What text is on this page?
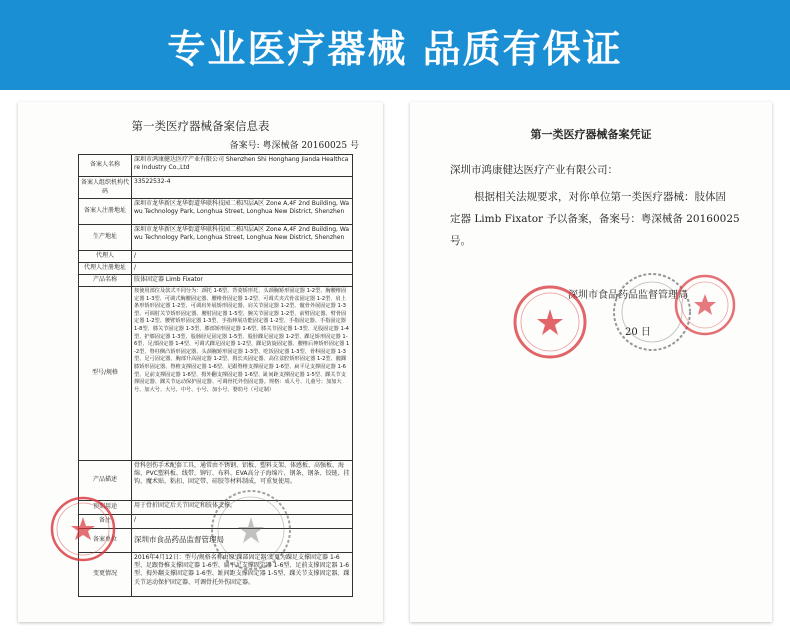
专业医疗器械 品质有保证
第一类医疗器械备案信息表
备案号: 粤深械备 20160025 号
备案人名称	深圳市鸿康健达医疗产业有限公司 Shenzhen Shi Honghang Jianda Healthcare Industry Co.,Ltd
备案人组织机构代码	33522532-4
备案人注册地址	深圳市龙华新区龙华街道华联科技园二栋四层A区 Zone A,4F 2nd Building, Wawu Technology Park, Longhua Street, Longhua New District, Shenzhen
生产地址	深圳市龙华新区龙华街道华联科技园二栋四层A区 Zone A,4F 2nd Building, Wawu Technology Park, Longhua Street, Longhua New District, Shenzhen
代理人	/
代理人注册地址	/
产品名称	肢体固定器 Limb Fixator
型号/规格	按使用部位及款式不同分为：颈托 1-6型、背姿矫形托、头颈胸矫形固定器 1-2型、胸腰椎固定器 1-3型、可调式胸腰固定器、腰椎骨固定器 1-2型、可调式夹式骨盆固定器 1-2型、肩上条形矫形固定器 1-2型、可调肩外展矫形固定器、肩关节固定器 1-2型、髋骨外展固定器 1-3型、可调肘关节矫形固定器、腰肘固定器 1-5型、腕关节固定器 1-2型、前臂固定器、臂骨固定器 1-2型、腰臂矫形固定器 1-3型、手指伸展功能固定器 1-2型、手指固定器、手指固定器 1-8型、膝关节固定器 1-3型、膝部矫形固定器 1-6型、膝关节固定器 1-3型、足股固定器 1-4型、护膝固定器 1-3型、股肠胫足固定器 1-5型、股胫踝足固定器 1-2型、踝足矫形固定器 1-6型、足部固定器 1-4型、可调式踝足固定器 1-2型、踝足防旋固定器、腰椎后伸矫形固定器 1-2型、脊柱侧凸矫形固定器、头颈胸矫形固定器 1-3型、吃饭固定器 1-3型、骨科固定器 1-3型、足弓固定器、胸部升高固定器 1-2型、拇长夹固定器、高位盆腔矫形固定器 1-2型、髋踝膝矫形固定器、脊椎支撑固定器 1-6型、足跟脊椎支撑固定器 1-6型、扁平足支撑固定器 1-6型、足前支撑固定器 1-6型、拇外翻支撑固定器 1-6型、趾间距支撑固定器 1-5型、踝关节支撑固定器、踝关节运动保护固定器、可调骨托外伤固定器。规格：成人号、儿童号；加加大号、加大号、大号、中号、小号、加小号、婴幼号（可定制）
产品描述	骨科创伤手术配套工具，通常由不锈钢、铝板、塑料支架、体感板、高强板、海绵、PVC塑料板、线带、铆钉、布料、EVA高分子海绵片、钢条、钢条、铰链、挂钩、魔术贴、粘扣、固定带、硅胶等材料制成，可重复使用。
预期用途	用于骨折固定后关节固定和肢体支撑。
备注	/
备案单位	深圳市食品药品监督管理局
变更情况	2016年4月12日：型号/规格名称由原'踝部固定器'变更为踝足支撑固定器 1-6型、足跟脊椎支撑固定器 1-6型、扁平足支撑固定器 1-6型、足前支撑固定器 1-6型、拇外翻支撑固定器 1-6型、趾间距支撑固定器 1-5型、踝关节支撑固定器、踝关节运动保护固定器、可调骨托外伤固定器。
第一类医疗器械备案凭证
深圳市鸿康健达医疗产业有限公司：
根据相关法规要求，对你单位第一类医疗器械：肢体固
定器 Limb Fixator 予以备案，备案号：粤深械备 20160025
号。
深圳市食品药品监督管理局
20 日
